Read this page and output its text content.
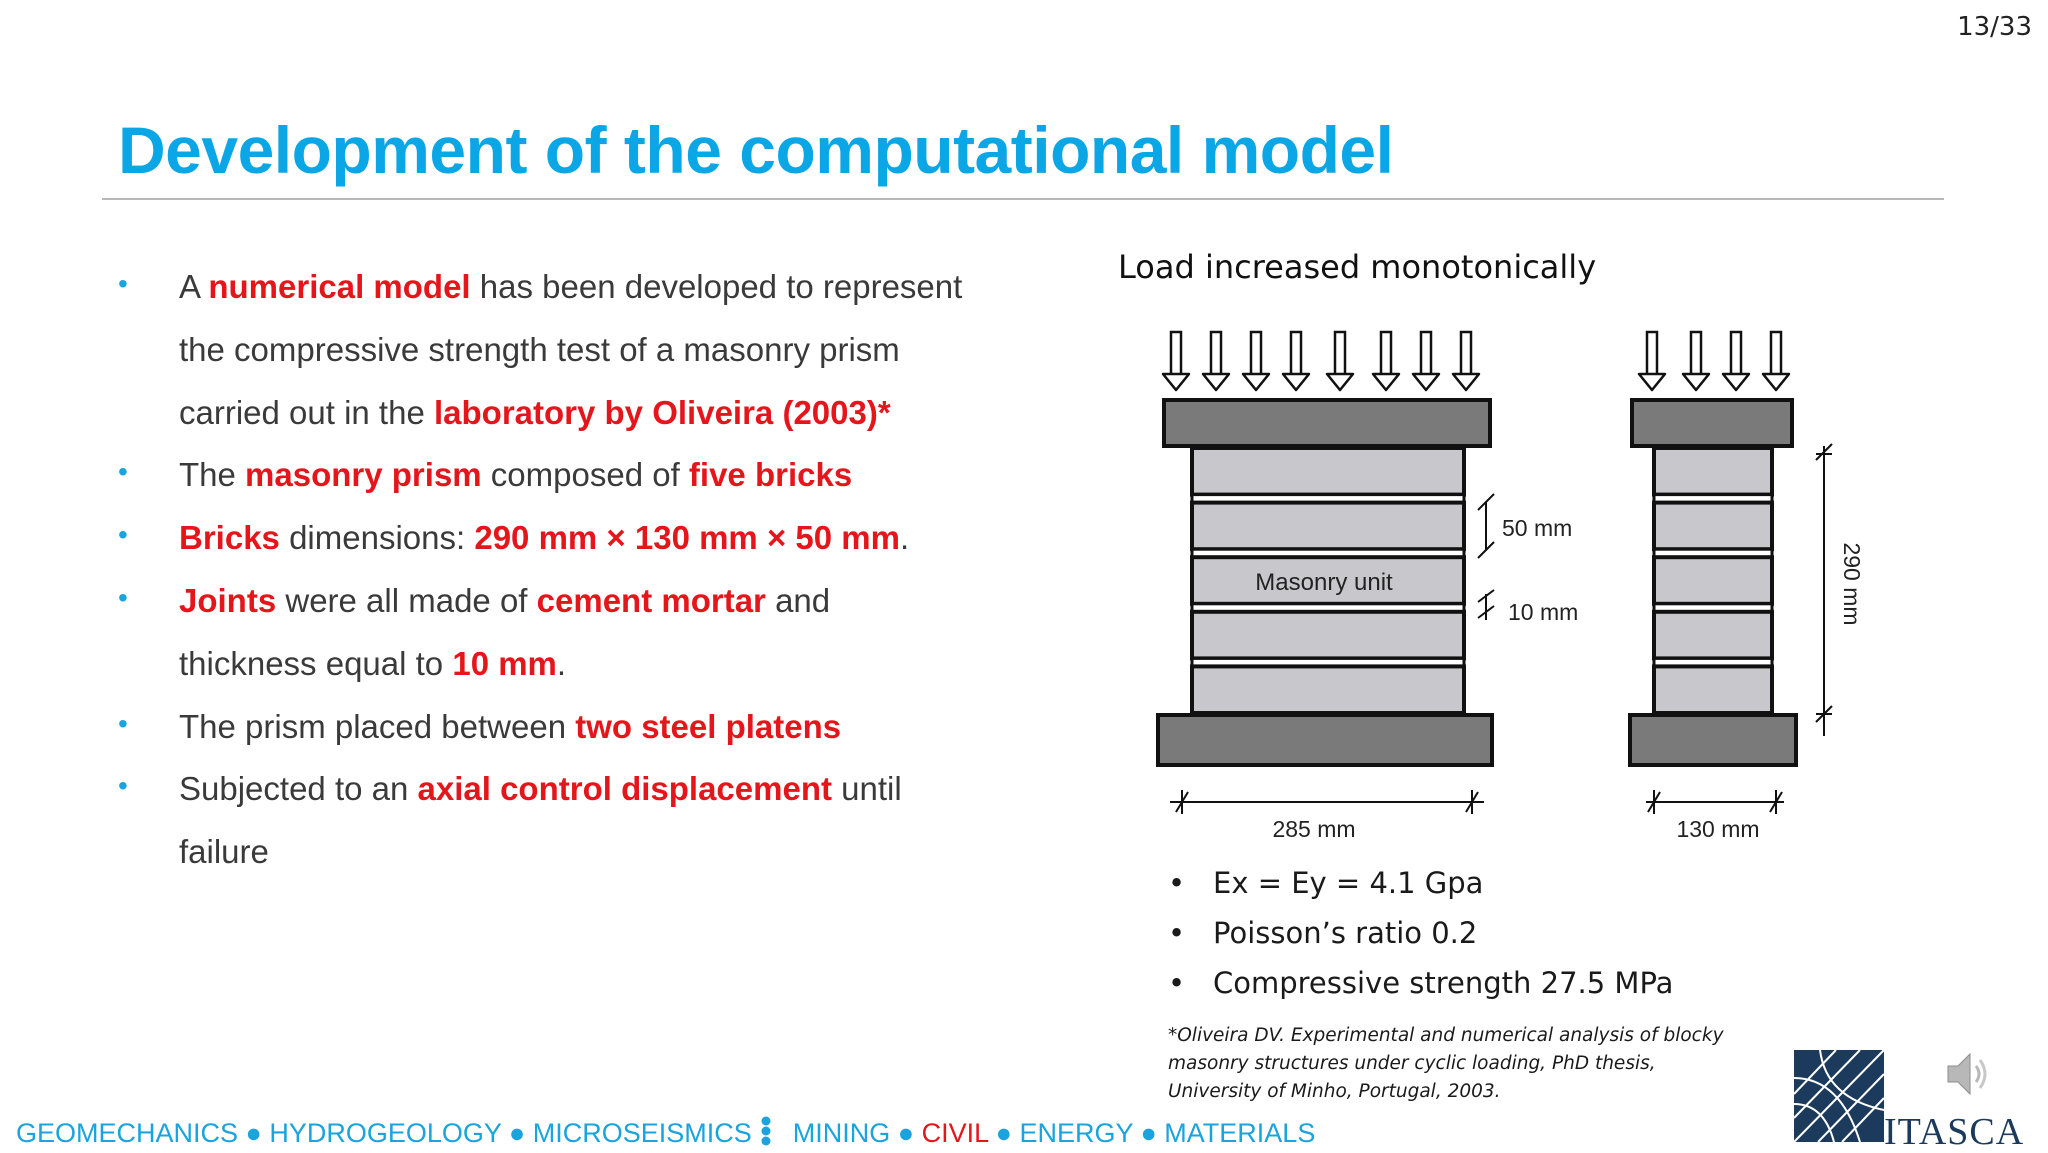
13/33
Development of the computational model
• A numerical model has been developed to represent
the compressive strength test of a masonry prism
carried out in the laboratory by Oliveira (2003)*
• The masonry prism composed of five bricks
• Bricks dimensions: 290 mm × 130 mm × 50 mm.
• Joints were all made of cement mortar and
thickness equal to 10 mm.
• The prism placed between two steel platens
• Subjected to an axial control displacement until
failure
Load increased monotonically
Masonry unit
50 mm
10 mm
285 mm	130 mm
290 mm
• Ex = Ey = 4.1 Gpa
• Poisson’s ratio 0.2
• Compressive strength 27.5 MPa
*Oliveira DV. Experimental and numerical analysis of blocky masonry structures under cyclic loading, PhD thesis, University of Minho, Portugal, 2003.
GEOMECHANICS ● HYDROGEOLOGY ● MICROSEISMICS MINING ● CIVIL ● ENERGY ● MATERIALS	ITASCA
